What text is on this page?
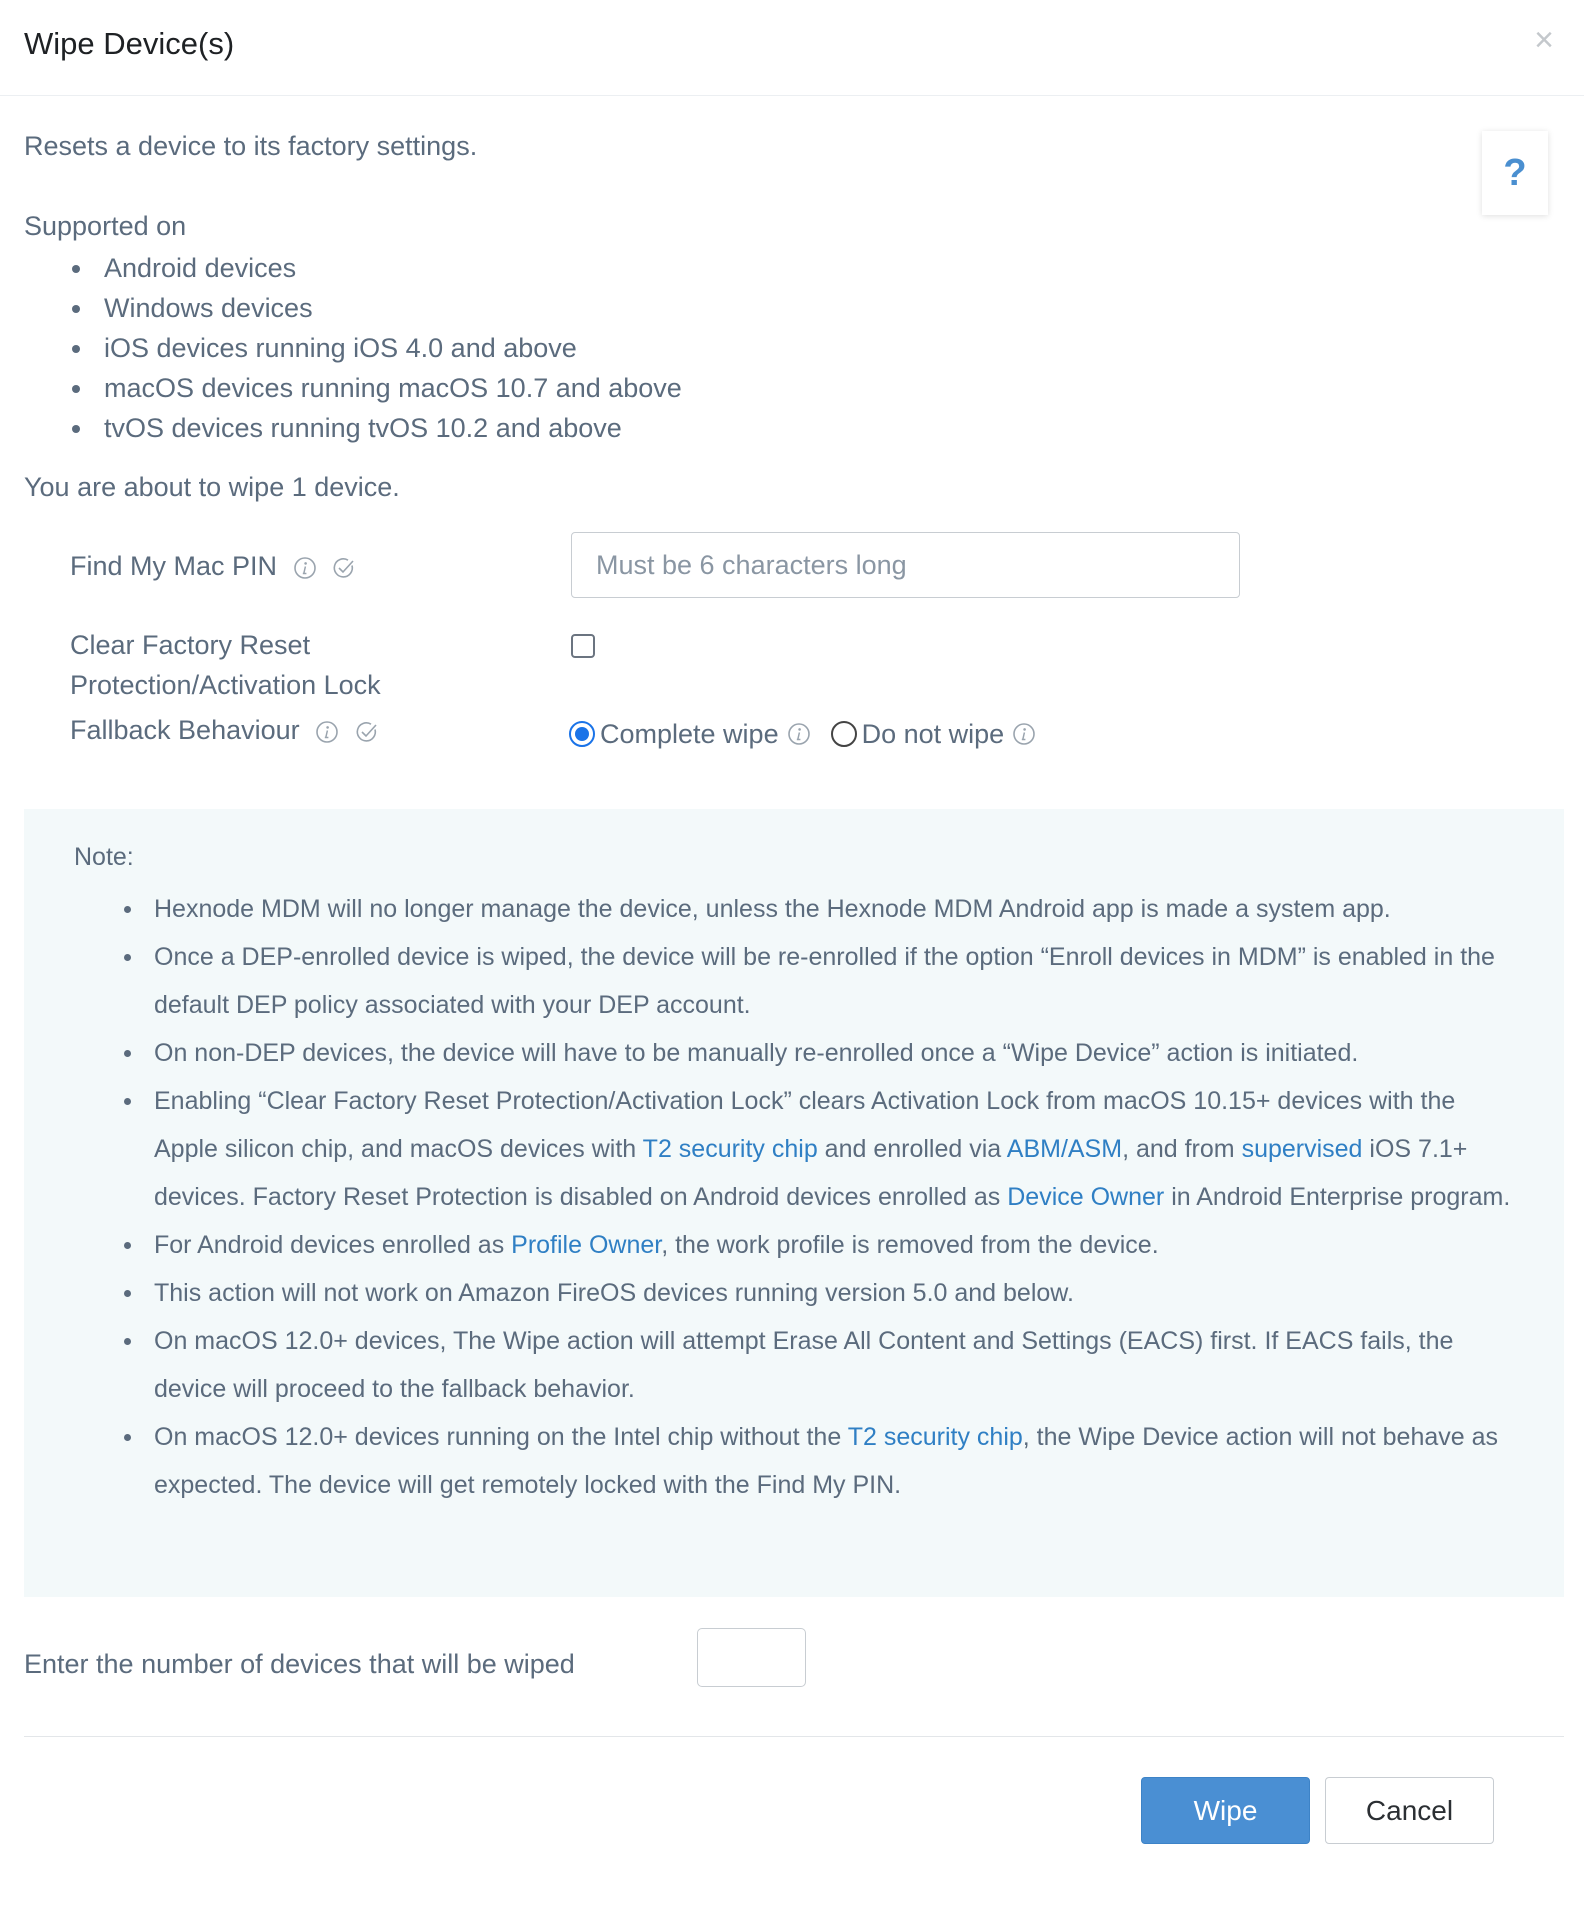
Wipe Device(s)	×
?

Resets a device to its factory settings.

Supported on

Android devices
Windows devices
iOS devices running iOS 4.0 and above
macOS devices running macOS 10.7 and above
tvOS devices running tvOS 10.2 and above

You are about to wipe 1 device.

Find My Mac PIN
Must be 6 characters long
Clear Factory Reset
Protection/Activation Lock
Fallback Behaviour	Complete wipe	Do not wipe

Note:

Hexnode MDM will no longer manage the device, unless the Hexnode MDM Android app is made a system app.
Once a DEP-enrolled device is wiped, the device will be re-enrolled if the option “Enroll devices in MDM” is enabled in the default DEP policy associated with your DEP account.
On non-DEP devices, the device will have to be manually re-enrolled once a “Wipe Device” action is initiated.
Enabling “Clear Factory Reset Protection/Activation Lock” clears Activation Lock from macOS 10.15+ devices with the Apple silicon chip, and macOS devices with T2 security chip and enrolled via ABM/ASM, and from supervised iOS 7.1+ devices. Factory Reset Protection is disabled on Android devices enrolled as Device Owner in Android Enterprise program.
For Android devices enrolled as Profile Owner, the work profile is removed from the device.
This action will not work on Amazon FireOS devices running version 5.0 and below.
On macOS 12.0+ devices, The Wipe action will attempt Erase All Content and Settings (EACS) first. If EACS fails, the device will proceed to the fallback behavior.
On macOS 12.0+ devices running on the Intel chip without the T2 security chip, the Wipe Device action will not behave as expected. The device will get remotely locked with the Find My PIN.

Enter the number of devices that will be wiped

Wipe	Cancel
